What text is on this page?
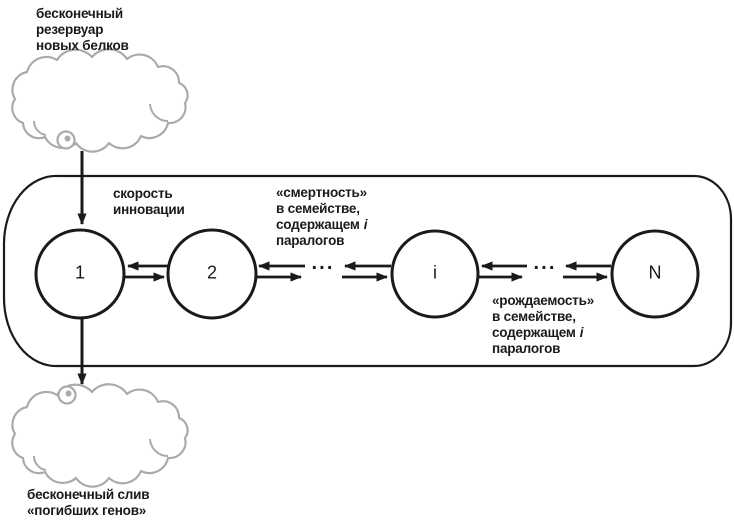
бесконечный
резервуар
новых белков
скорость
инновации
«смертность»
в семействе,
содержащем i
паралогов
«рождаемость»
в семействе,
содержащем i
паралогов
бесконечный слив
«погибших генов»
1	2	i	N
···	···
